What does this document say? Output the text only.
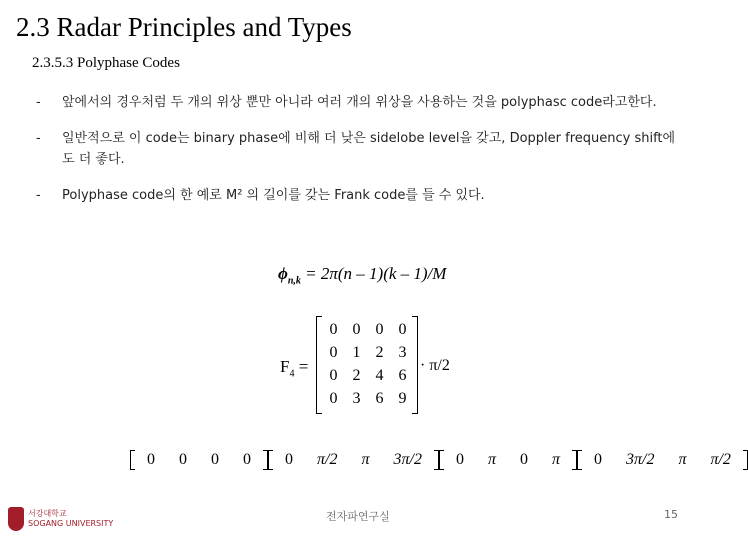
2.3 Radar Principles and Types
2.3.5.3 Polyphase Codes
- 앞에서의 경우처럼 두 개의 위상 뿐만 아니라 여러 개의 위상을 사용하는 것을 polyphasc code라고한다.
- 일반적으로 이 code는 binary phase에 비해 더 낮은 sidelobe level을 갖고, Doppler frequency shift에도 더 좋다.
- Polyphase code의 한 예로 M² 의 길이를 갖는 Frank code를 들 수 있다.
$\phi_{n,k} = 2\pi(n - 1)(k - 1)/M$
$F_4$ =
0	0	0	0
0	1	2	3
0	2	4	6
0	3	6	9
· π/2
0 0 0 0 0 π/2 π 3π/2 0 π 0 π 0 3π/2 π π/2
서강대학교
SOGANG UNIVERSITY
전자파연구실	15
